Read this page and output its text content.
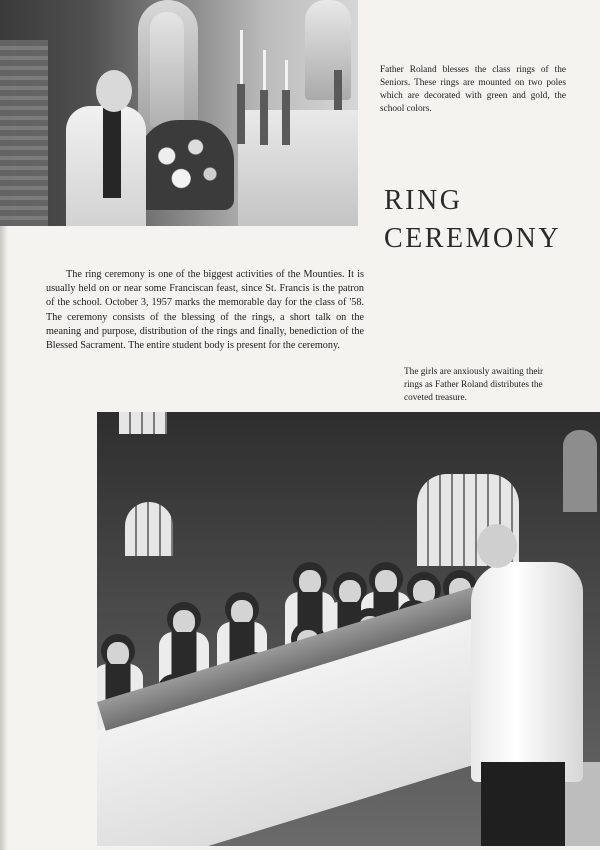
Father Roland blesses the class rings of the Seniors. These rings are mounted on two poles which are decorated with green and gold, the school colors.
RING
CEREMONY
The ring ceremony is one of the biggest activities of the Mounties. It is usually held on or near some Franciscan feast, since St. Francis is the patron of the school. October 3, 1957 marks the memorable day for the class of '58. The ceremony consists of the blessing of the rings, a short talk on the meaning and purpose, distribution of the rings and finally, benediction of the Blessed Sacrament. The entire student body is present for the ceremony.
The girls are anxiously awaiting their rings as Father Roland distributes the coveted treasure.
